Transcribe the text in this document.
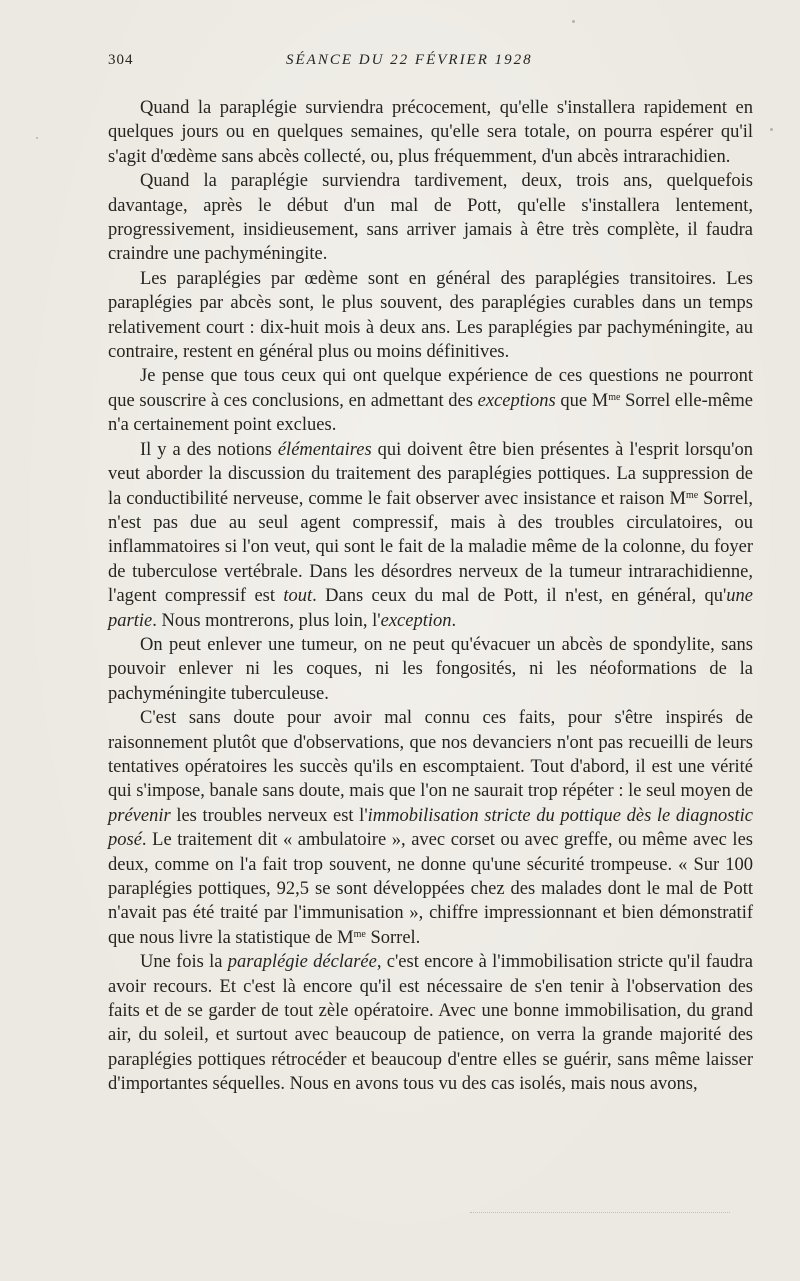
304	SÉANCE DU 22 FÉVRIER 1928

Quand la paraplégie surviendra précocement, qu'elle s'installera rapidement en quelques jours ou en quelques semaines, qu'elle sera totale, on pourra espérer qu'il s'agit d'œdème sans abcès collecté, ou, plus fréquemment, d'un abcès intrarachidien.

Quand la paraplégie surviendra tardivement, deux, trois ans, quelquefois davantage, après le début d'un mal de Pott, qu'elle s'installera lentement, progressivement, insidieusement, sans arriver jamais à être très complète, il faudra craindre une pachyméningite.

Les paraplégies par œdème sont en général des paraplégies transitoires. Les paraplégies par abcès sont, le plus souvent, des paraplégies curables dans un temps relativement court : dix-huit mois à deux ans. Les paraplégies par pachyméningite, au contraire, restent en général plus ou moins définitives.

Je pense que tous ceux qui ont quelque expérience de ces questions ne pourront que souscrire à ces conclusions, en admettant des exceptions que $M^{me}$ Sorrel elle-même n'a certainement point exclues.

Il y a des notions élémentaires qui doivent être bien présentes à l'esprit lorsqu'on veut aborder la discussion du traitement des paraplégies pottiques. La suppression de la conductibilité nerveuse, comme le fait observer avec insistance et raison $M^{me}$ Sorrel, n'est pas due au seul agent compressif, mais à des troubles circulatoires, ou inflammatoires si l'on veut, qui sont le fait de la maladie même de la colonne, du foyer de tuberculose vertébrale. Dans les désordres nerveux de la tumeur intrarachidienne, l'agent compressif est tout. Dans ceux du mal de Pott, il n'est, en général, qu'une partie. Nous montrerons, plus loin, l'exception.

On peut enlever une tumeur, on ne peut qu'évacuer un abcès de spondylite, sans pouvoir enlever ni les coques, ni les fongosités, ni les néoformations de la pachyméningite tuberculeuse.

C'est sans doute pour avoir mal connu ces faits, pour s'être inspirés de raisonnement plutôt que d'observations, que nos devanciers n'ont pas recueilli de leurs tentatives opératoires les succès qu'ils en escomptaient. Tout d'abord, il est une vérité qui s'impose, banale sans doute, mais que l'on ne saurait trop répéter : le seul moyen de prévenir les troubles nerveux est l'immobilisation stricte du pottique dès le diagnostic posé. Le traitement dit « ambulatoire », avec corset ou avec greffe, ou même avec les deux, comme on l'a fait trop souvent, ne donne qu'une sécurité trompeuse. « Sur 100 paraplégies pottiques, 92,5 se sont développées chez des malades dont le mal de Pott n'avait pas été traité par l'immunisation », chiffre impressionnant et bien démonstratif que nous livre la statistique de $M^{me}$ Sorrel.

Une fois la paraplégie déclarée, c'est encore à l'immobilisation stricte qu'il faudra avoir recours. Et c'est là encore qu'il est nécessaire de s'en tenir à l'observation des faits et de se garder de tout zèle opératoire. Avec une bonne immobilisation, du grand air, du soleil, et surtout avec beaucoup de patience, on verra la grande majorité des paraplégies pottiques rétrocéder et beaucoup d'entre elles se guérir, sans même laisser d'importantes séquelles. Nous en avons tous vu des cas isolés, mais nous avons,
